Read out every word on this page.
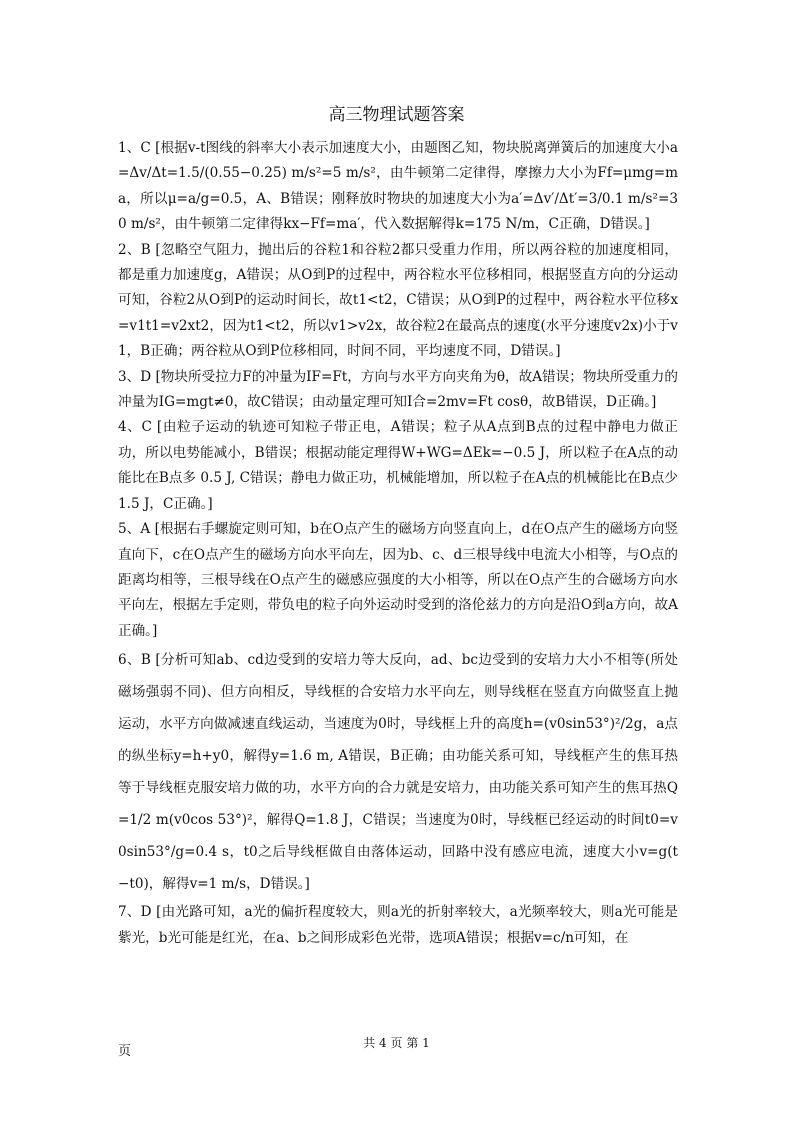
高三物理试题答案

1、C [根据v-t图线的斜率大小表示加速度大小，由题图乙知，物块脱离弹簧后的加速度大小a=Δv/Δt=1.5/(0.55−0.25) m/s²=5 m/s²，由牛顿第二定律得，摩擦力大小为Ff=μmg=ma，所以μ=a/g=0.5，A、B错误；刚释放时物块的加速度大小为a′=Δv′/Δt′=3/0.1 m/s²=30 m/s²，由牛顿第二定律得kx−Ff=ma′，代入数据解得k=175 N/m，C正确，D错误。]

2、B [忽略空气阻力，抛出后的谷粒1和谷粒2都只受重力作用，所以两谷粒的加速度相同，都是重力加速度g，A错误；从O到P的过程中，两谷粒水平位移相同，根据竖直方向的分运动可知，谷粒2从O到P的运动时间长，故t1<t2，C错误；从O到P的过程中，两谷粒水平位移x=v1t1=v2xt2，因为t1<t2，所以v1>v2x，故谷粒2在最高点的速度(水平分速度v2x)小于v1，B正确；两谷粒从O到P位移相同，时间不同，平均速度不同，D错误。]

3、D [物块所受拉力F的冲量为IF=Ft，方向与水平方向夹角为θ，故A错误；物块所受重力的冲量为IG=mgt≠0，故C错误；由动量定理可知I合=2mv=Ft cosθ，故B错误，D正确。]

4、C [由粒子运动的轨迹可知粒子带正电，A错误；粒子从A点到B点的过程中静电力做正功，所以电势能减小，B错误；根据动能定理得W+WG=ΔEk=−0.5 J，所以粒子在A点的动能比在B点多 0.5 J, C错误；静电力做正功，机械能增加，所以粒子在A点的机械能比在B点少1.5 J，C正确。]

5、A [根据右手螺旋定则可知，b在O点产生的磁场方向竖直向上，d在O点产生的磁场方向竖直向下，c在O点产生的磁场方向水平向左，因为b、c、d三根导线中电流大小相等，与O点的距离均相等，三根导线在O点产生的磁感应强度的大小相等，所以在O点产生的合磁场方向水平向左，根据左手定则，带负电的粒子向外运动时受到的洛伦兹力的方向是沿O到a方向，故A正确。]

6、B [分析可知ab、cd边受到的安培力等大反向，ad、bc边受到的安培力大小不相等(所处磁场强弱不同)、但方向相反，导线框的合安培力水平向左，则导线框在竖直方向做竖直上抛运动，水平方向做减速直线运动，当速度为0时，导线框上升的高度h=(v0sin53°)²/2g，a点的纵坐标y=h+y0，解得y=1.6 m, A错误，B正确；由功能关系可知，导线框产生的焦耳热等于导线框克服安培力做的功，水平方向的合力就是安培力，由功能关系可知产生的焦耳热Q=1/2 m(v0cos 53°)²，解得Q=1.8 J，C错误；当速度为0时，导线框已经运动的时间t0=v0sin53°/g=0.4 s，t0之后导线框做自由落体运动，回路中没有感应电流，速度大小v=g(t−t0)，解得v=1 m/s，D错误。]

7、D [由光路可知，a光的偏折程度较大，则a光的折射率较大，a光频率较大，则a光可能是紫光，b光可能是红光，在a、b之间形成彩色光带，选项A错误；根据v=c/n可知，在

页
共 4 页 第 1
